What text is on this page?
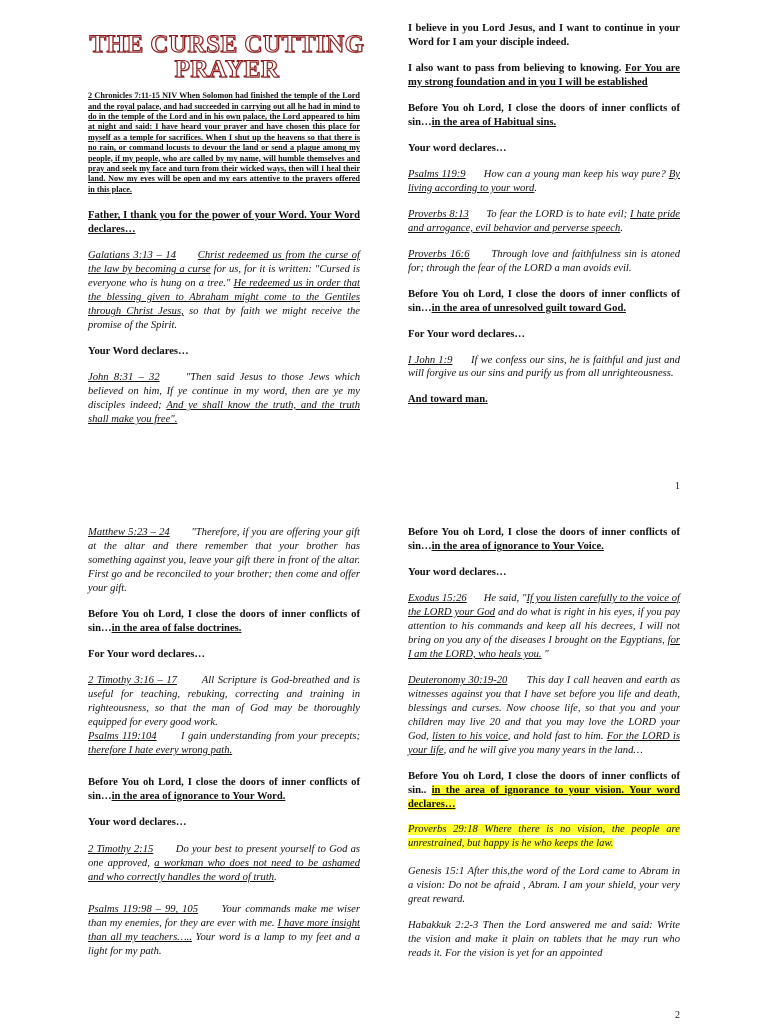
THE CURSE CUTTING PRAYER

2 Chronicles 7:11-15 NIV When Solomon had finished the temple of the Lord and the royal palace, and had succeeded in carrying out all he had in mind to do in the temple of the Lord and in his own palace, the Lord appeared to him at night and said: I have heard your prayer and have chosen this place for myself as a temple for sacrifices. When I shut up the heavens so that there is no rain, or command locusts to devour the land or send a plague among my people, if my people, who are called by my name, will humble themselves and pray and seek my face and turn from their wicked ways, then will I heal their land. Now my eyes will be open and my ears attentive to the prayers offered in this place.

Father, I thank you for the power of your Word. Your Word declares…

Galatians 3:13 – 14 Christ redeemed us from the curse of the law by becoming a curse for us, for it is written: "Cursed is everyone who is hung on a tree." He redeemed us in order that the blessing given to Abraham might come to the Gentiles through Christ Jesus, so that by faith we might receive the promise of the Spirit.

Your Word declares…

John 8:31 – 32 "Then said Jesus to those Jews which believed on him, If ye continue in my word, then are ye my disciples indeed; And ye shall know the truth, and the truth shall make you free".

I believe in you Lord Jesus, and I want to continue in your Word for I am your disciple indeed.

I also want to pass from believing to knowing. For You are my strong foundation and in you I will be established

Before You oh Lord, I close the doors of inner conflicts of sin…in the area of Habitual sins.

Your word declares…

Psalms 119:9 How can a young man keep his way pure? By living according to your word.

Proverbs 8:13 To fear the LORD is to hate evil; I hate pride and arrogance, evil behavior and perverse speech.

Proverbs 16:6 Through love and faithfulness sin is atoned for; through the fear of the LORD a man avoids evil.

Before You oh Lord, I close the doors of inner conflicts of sin…in the area of unresolved guilt toward God.

For Your word declares…

I John 1:9 If we confess our sins, he is faithful and just and will forgive us our sins and purify us from all unrighteousness.

And toward man.

1

Matthew 5:23 – 24 "Therefore, if you are offering your gift at the altar and there remember that your brother has something against you, leave your gift there in front of the altar. First go and be reconciled to your brother; then come and offer your gift.

Before You oh Lord, I close the doors of inner conflicts of sin…in the area of false doctrines.

For Your word declares…

2 Timothy 3:16 – 17 All Scripture is God-breathed and is useful for teaching, rebuking, correcting and training in righteousness, so that the man of God may be thoroughly equipped for every good work.

Psalms 119:104 I gain understanding from your precepts; therefore I hate every wrong path.

Before You oh Lord, I close the doors of inner conflicts of sin…in the area of ignorance to Your Word.

Your word declares…

2 Timothy 2:15 Do your best to present yourself to God as one approved, a workman who does not need to be ashamed and who correctly handles the word of truth.

Psalms 119:98 – 99, 105 Your commands make me wiser than my enemies, for they are ever with me. I have more insight than all my teachers….. Your word is a lamp to my feet and a light for my path.

Before You oh Lord, I close the doors of inner conflicts of sin…in the area of ignorance to Your Voice.

Your word declares…

Exodus 15:26 He said, "If you listen carefully to the voice of the LORD your God and do what is right in his eyes, if you pay attention to his commands and keep all his decrees, I will not bring on you any of the diseases I brought on the Egyptians, for I am the LORD, who heals you. "

Deuteronomy 30:19-20 This day I call heaven and earth as witnesses against you that I have set before you life and death, blessings and curses. Now choose life, so that you and your children may live 20 and that you may love the LORD your God, listen to his voice, and hold fast to him. For the LORD is your life, and he will give you many years in the land…

Before You oh Lord, I close the doors of inner conflicts of sin.. in the area of ignorance to your vision. Your word declares…

Proverbs 29:18 Where there is no vision, the people are unrestrained, but happy is he who keeps the law.

Genesis 15:1 After this,the word of the Lord came to Abram in a vision: Do not be afraid , Abram. I am your shield, your very great reward.

Habakkuk 2:2-3 Then the Lord answered me and said: Write the vision and make it plain on tablets that he may run who reads it. For the vision is yet for an appointed

2
